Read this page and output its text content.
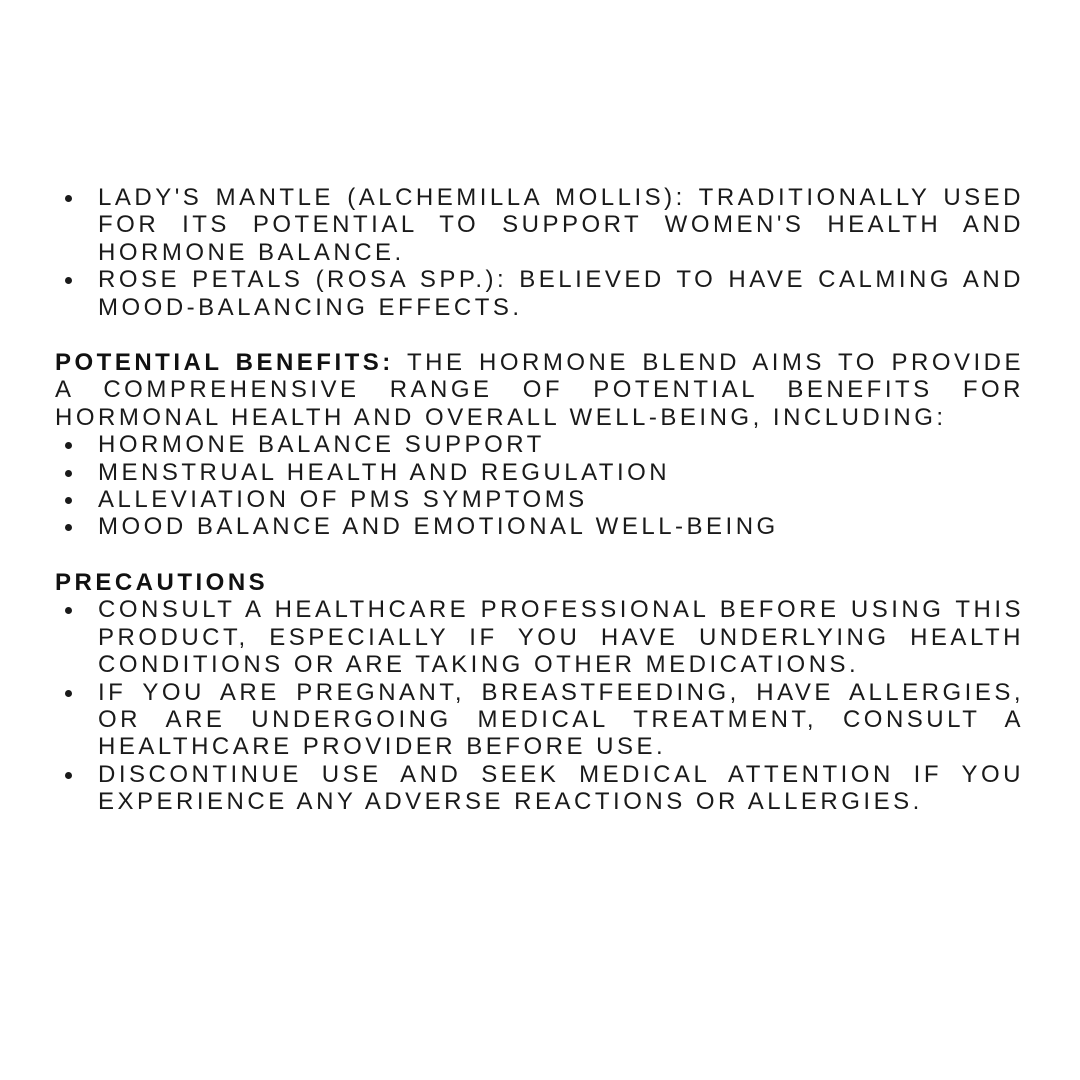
LADY'S MANTLE (ALCHEMILLA MOLLIS): TRADITIONALLY USED FOR ITS POTENTIAL TO SUPPORT WOMEN'S HEALTH AND HORMONE BALANCE.
ROSE PETALS (ROSA SPP.): BELIEVED TO HAVE CALMING AND MOOD-BALANCING EFFECTS.
POTENTIAL BENEFITS: THE HORMONE BLEND AIMS TO PROVIDE A COMPREHENSIVE RANGE OF POTENTIAL BENEFITS FOR HORMONAL HEALTH AND OVERALL WELL-BEING, INCLUDING:
HORMONE BALANCE SUPPORT
MENSTRUAL HEALTH AND REGULATION
ALLEVIATION OF PMS SYMPTOMS
MOOD BALANCE AND EMOTIONAL WELL-BEING
PRECAUTIONS
CONSULT A HEALTHCARE PROFESSIONAL BEFORE USING THIS PRODUCT, ESPECIALLY IF YOU HAVE UNDERLYING HEALTH CONDITIONS OR ARE TAKING OTHER MEDICATIONS.
IF YOU ARE PREGNANT, BREASTFEEDING, HAVE ALLERGIES, OR ARE UNDERGOING MEDICAL TREATMENT, CONSULT A HEALTHCARE PROVIDER BEFORE USE.
DISCONTINUE USE AND SEEK MEDICAL ATTENTION IF YOU EXPERIENCE ANY ADVERSE REACTIONS OR ALLERGIES.
